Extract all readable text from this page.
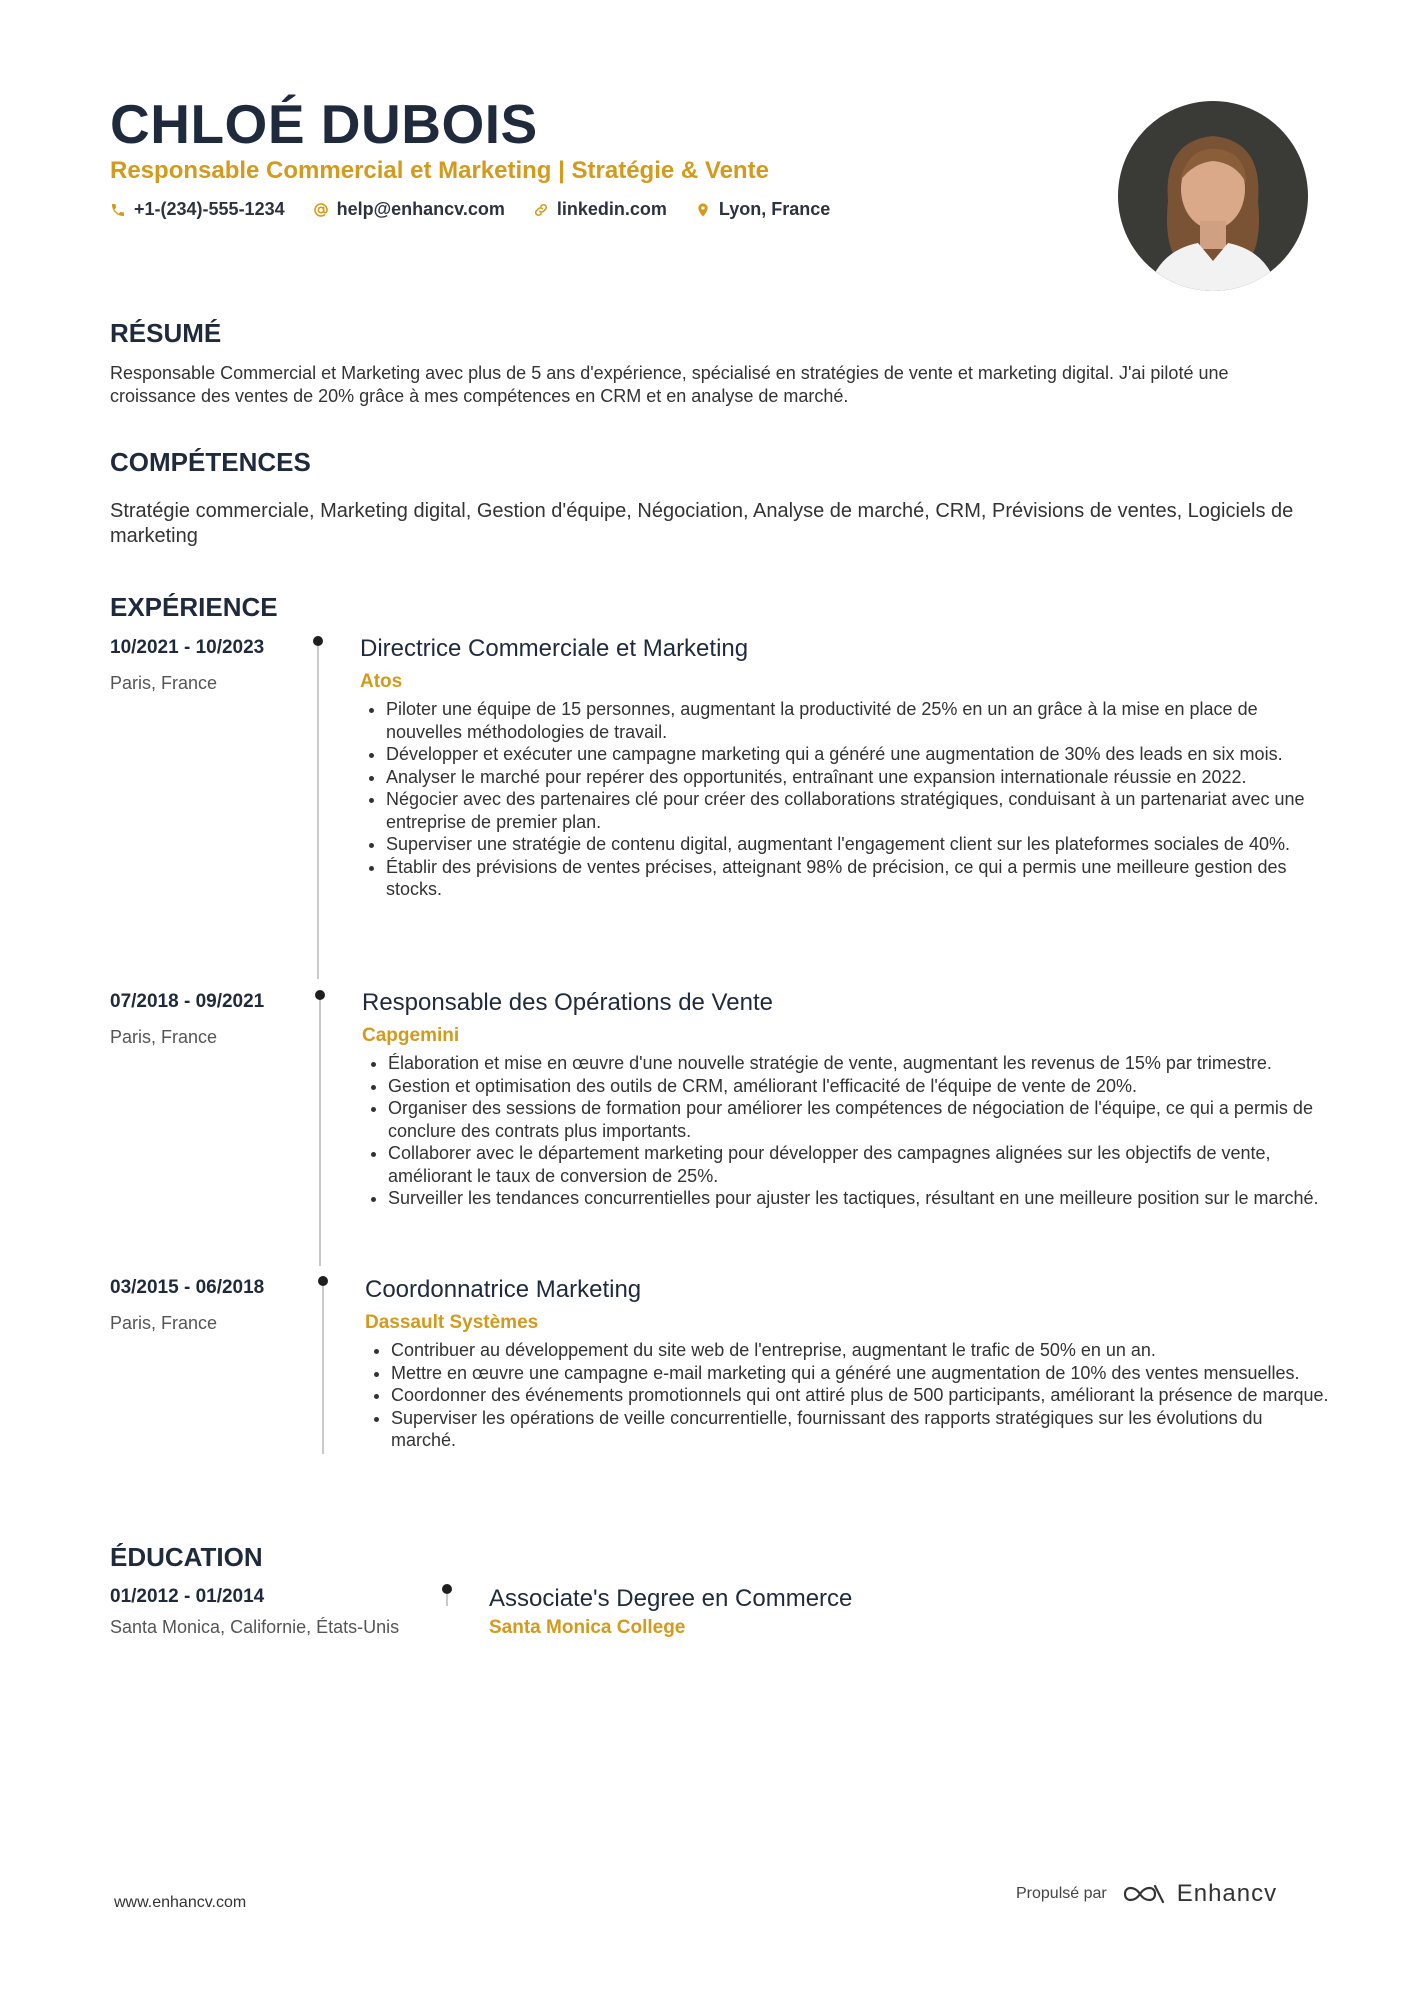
CHLOÉ DUBOIS
Responsable Commercial et Marketing | Stratégie & Vente
+1-(234)-555-1234	help@enhancv.com	linkedin.com	Lyon, France
RÉSUMÉ
Responsable Commercial et Marketing avec plus de 5 ans d'expérience, spécialisé en stratégies de vente et marketing digital. J'ai piloté une croissance des ventes de 20% grâce à mes compétences en CRM et en analyse de marché.
COMPÉTENCES
Stratégie commerciale, Marketing digital, Gestion d'équipe, Négociation, Analyse de marché, CRM, Prévisions de ventes, Logiciels de marketing
EXPÉRIENCE
10/2021 - 10/2023
Paris, France
Directrice Commerciale et Marketing
Atos
• Piloter une équipe de 15 personnes, augmentant la productivité de 25% en un an grâce à la mise en place de nouvelles méthodologies de travail.
• Développer et exécuter une campagne marketing qui a généré une augmentation de 30% des leads en six mois.
• Analyser le marché pour repérer des opportunités, entraînant une expansion internationale réussie en 2022.
• Négocier avec des partenaires clé pour créer des collaborations stratégiques, conduisant à un partenariat avec une entreprise de premier plan.
• Superviser une stratégie de contenu digital, augmentant l'engagement client sur les plateformes sociales de 40%.
• Établir des prévisions de ventes précises, atteignant 98% de précision, ce qui a permis une meilleure gestion des stocks.
07/2018 - 09/2021
Paris, France
Responsable des Opérations de Vente
Capgemini
• Élaboration et mise en œuvre d'une nouvelle stratégie de vente, augmentant les revenus de 15% par trimestre.
• Gestion et optimisation des outils de CRM, améliorant l'efficacité de l'équipe de vente de 20%.
• Organiser des sessions de formation pour améliorer les compétences de négociation de l'équipe, ce qui a permis de conclure des contrats plus importants.
• Collaborer avec le département marketing pour développer des campagnes alignées sur les objectifs de vente, améliorant le taux de conversion de 25%.
• Surveiller les tendances concurrentielles pour ajuster les tactiques, résultant en une meilleure position sur le marché.
03/2015 - 06/2018
Paris, France
Coordonnatrice Marketing
Dassault Systèmes
• Contribuer au développement du site web de l'entreprise, augmentant le trafic de 50% en un an.
• Mettre en œuvre une campagne e-mail marketing qui a généré une augmentation de 10% des ventes mensuelles.
• Coordonner des événements promotionnels qui ont attiré plus de 500 participants, améliorant la présence de marque.
• Superviser les opérations de veille concurrentielle, fournissant des rapports stratégiques sur les évolutions du marché.
ÉDUCATION
01/2012 - 01/2014
Santa Monica, Californie, États-Unis
Associate's Degree en Commerce
Santa Monica College
www.enhancv.com
Propulsé par	Enhancv
